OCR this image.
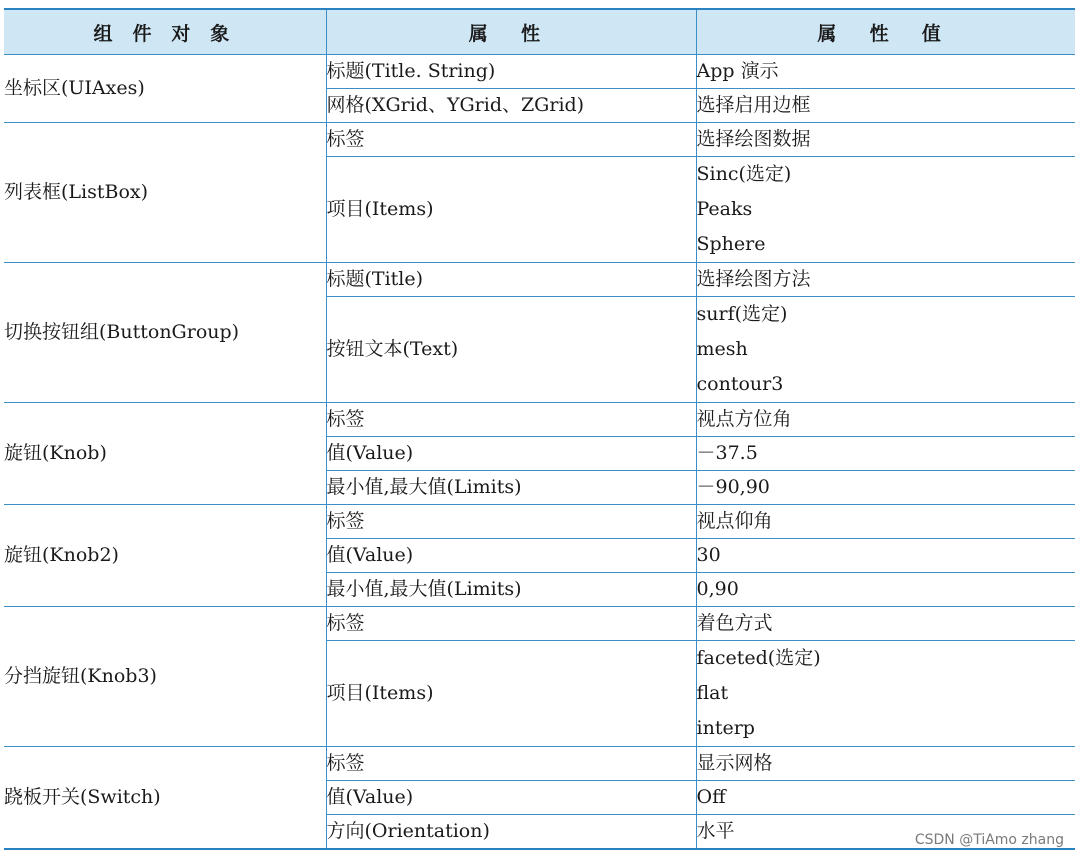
组 件 对 象	属 性	属 性 值
坐标区(UIAxes)	标题(Title. String)	App 演示
	网格(XGrid、YGrid、ZGrid)	选择启用边框
列表框(ListBox)	标签	选择绘图数据
	项目(Items)	Sinc(选定)
Peaks
Sphere

切换按钮组(ButtonGroup)	标题(Title)	选择绘图方法
	按钮文本(Text)	surf(选定)
mesh
contour3

旋钮(Knob)	标签	视点方位角
	值(Value)	－37.5
	最小值,最大值(Limits)	－90,90
旋钮(Knob2)	标签	视点仰角
	值(Value)	30
	最小值,最大值(Limits)	0,90
分挡旋钮(Knob3)	标签	着色方式
	项目(Items)	faceted(选定)
flat
interp

跷板开关(Switch)	标签	显示网格
	值(Value)	Off
	方向(Orientation)	水平	CSDN @TiAmo zhang
